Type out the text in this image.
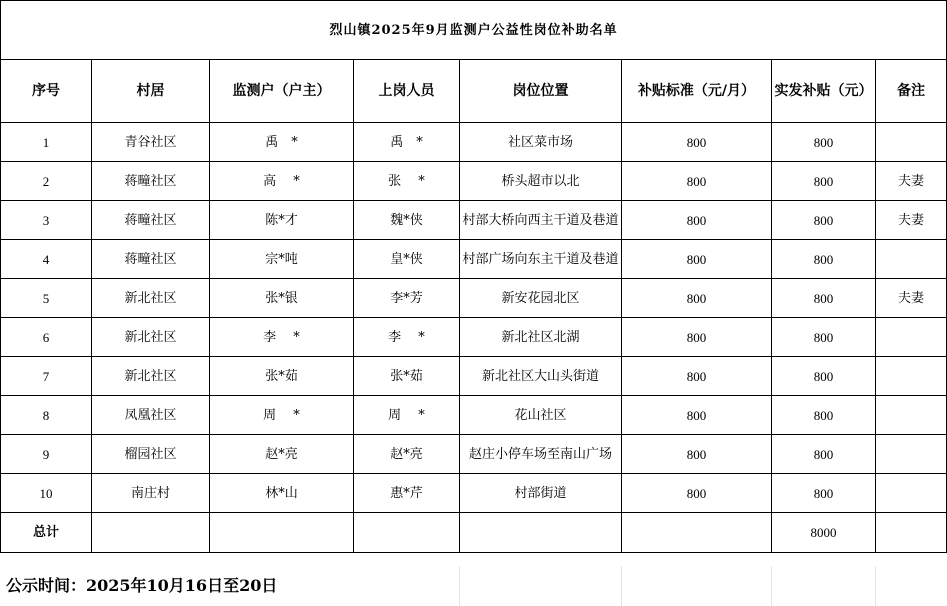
烈山镇2025年9月监测户公益性岗位补助名单							
序号	村居	监测户（户主）	上岗人员	岗位位置	补贴标准（元/月）	实发补贴（元）	备注
1	青谷社区	禹　*	禹　*	社区菜市场	800	800	
2	蒋疃社区	高　 *	张　 *	桥头超市以北	800	800	夫妻
3	蒋疃社区	陈*才	魏*侠	村部大桥向西主干道及巷道	800	800	夫妻
4	蒋疃社区	宗*吨	皇*侠	村部广场向东主干道及巷道	800	800	
5	新北社区	张*银	李*芳	新安花园北区	800	800	夫妻
6	新北社区	李　 *	李　 *	新北社区北湖	800	800	
7	新北社区	张*茹	张*茹	新北社区大山头街道	800	800	
8	凤凰社区	周　 *	周　 *	花山社区	800	800	
9	榴园社区	赵*亮	赵*亮	赵庄小停车场至南山广场	800	800	
10	南庄村	林*山	惠*芹	村部街道	800	800	
总计						8000	
公示时间：2025年10月16日至20日
